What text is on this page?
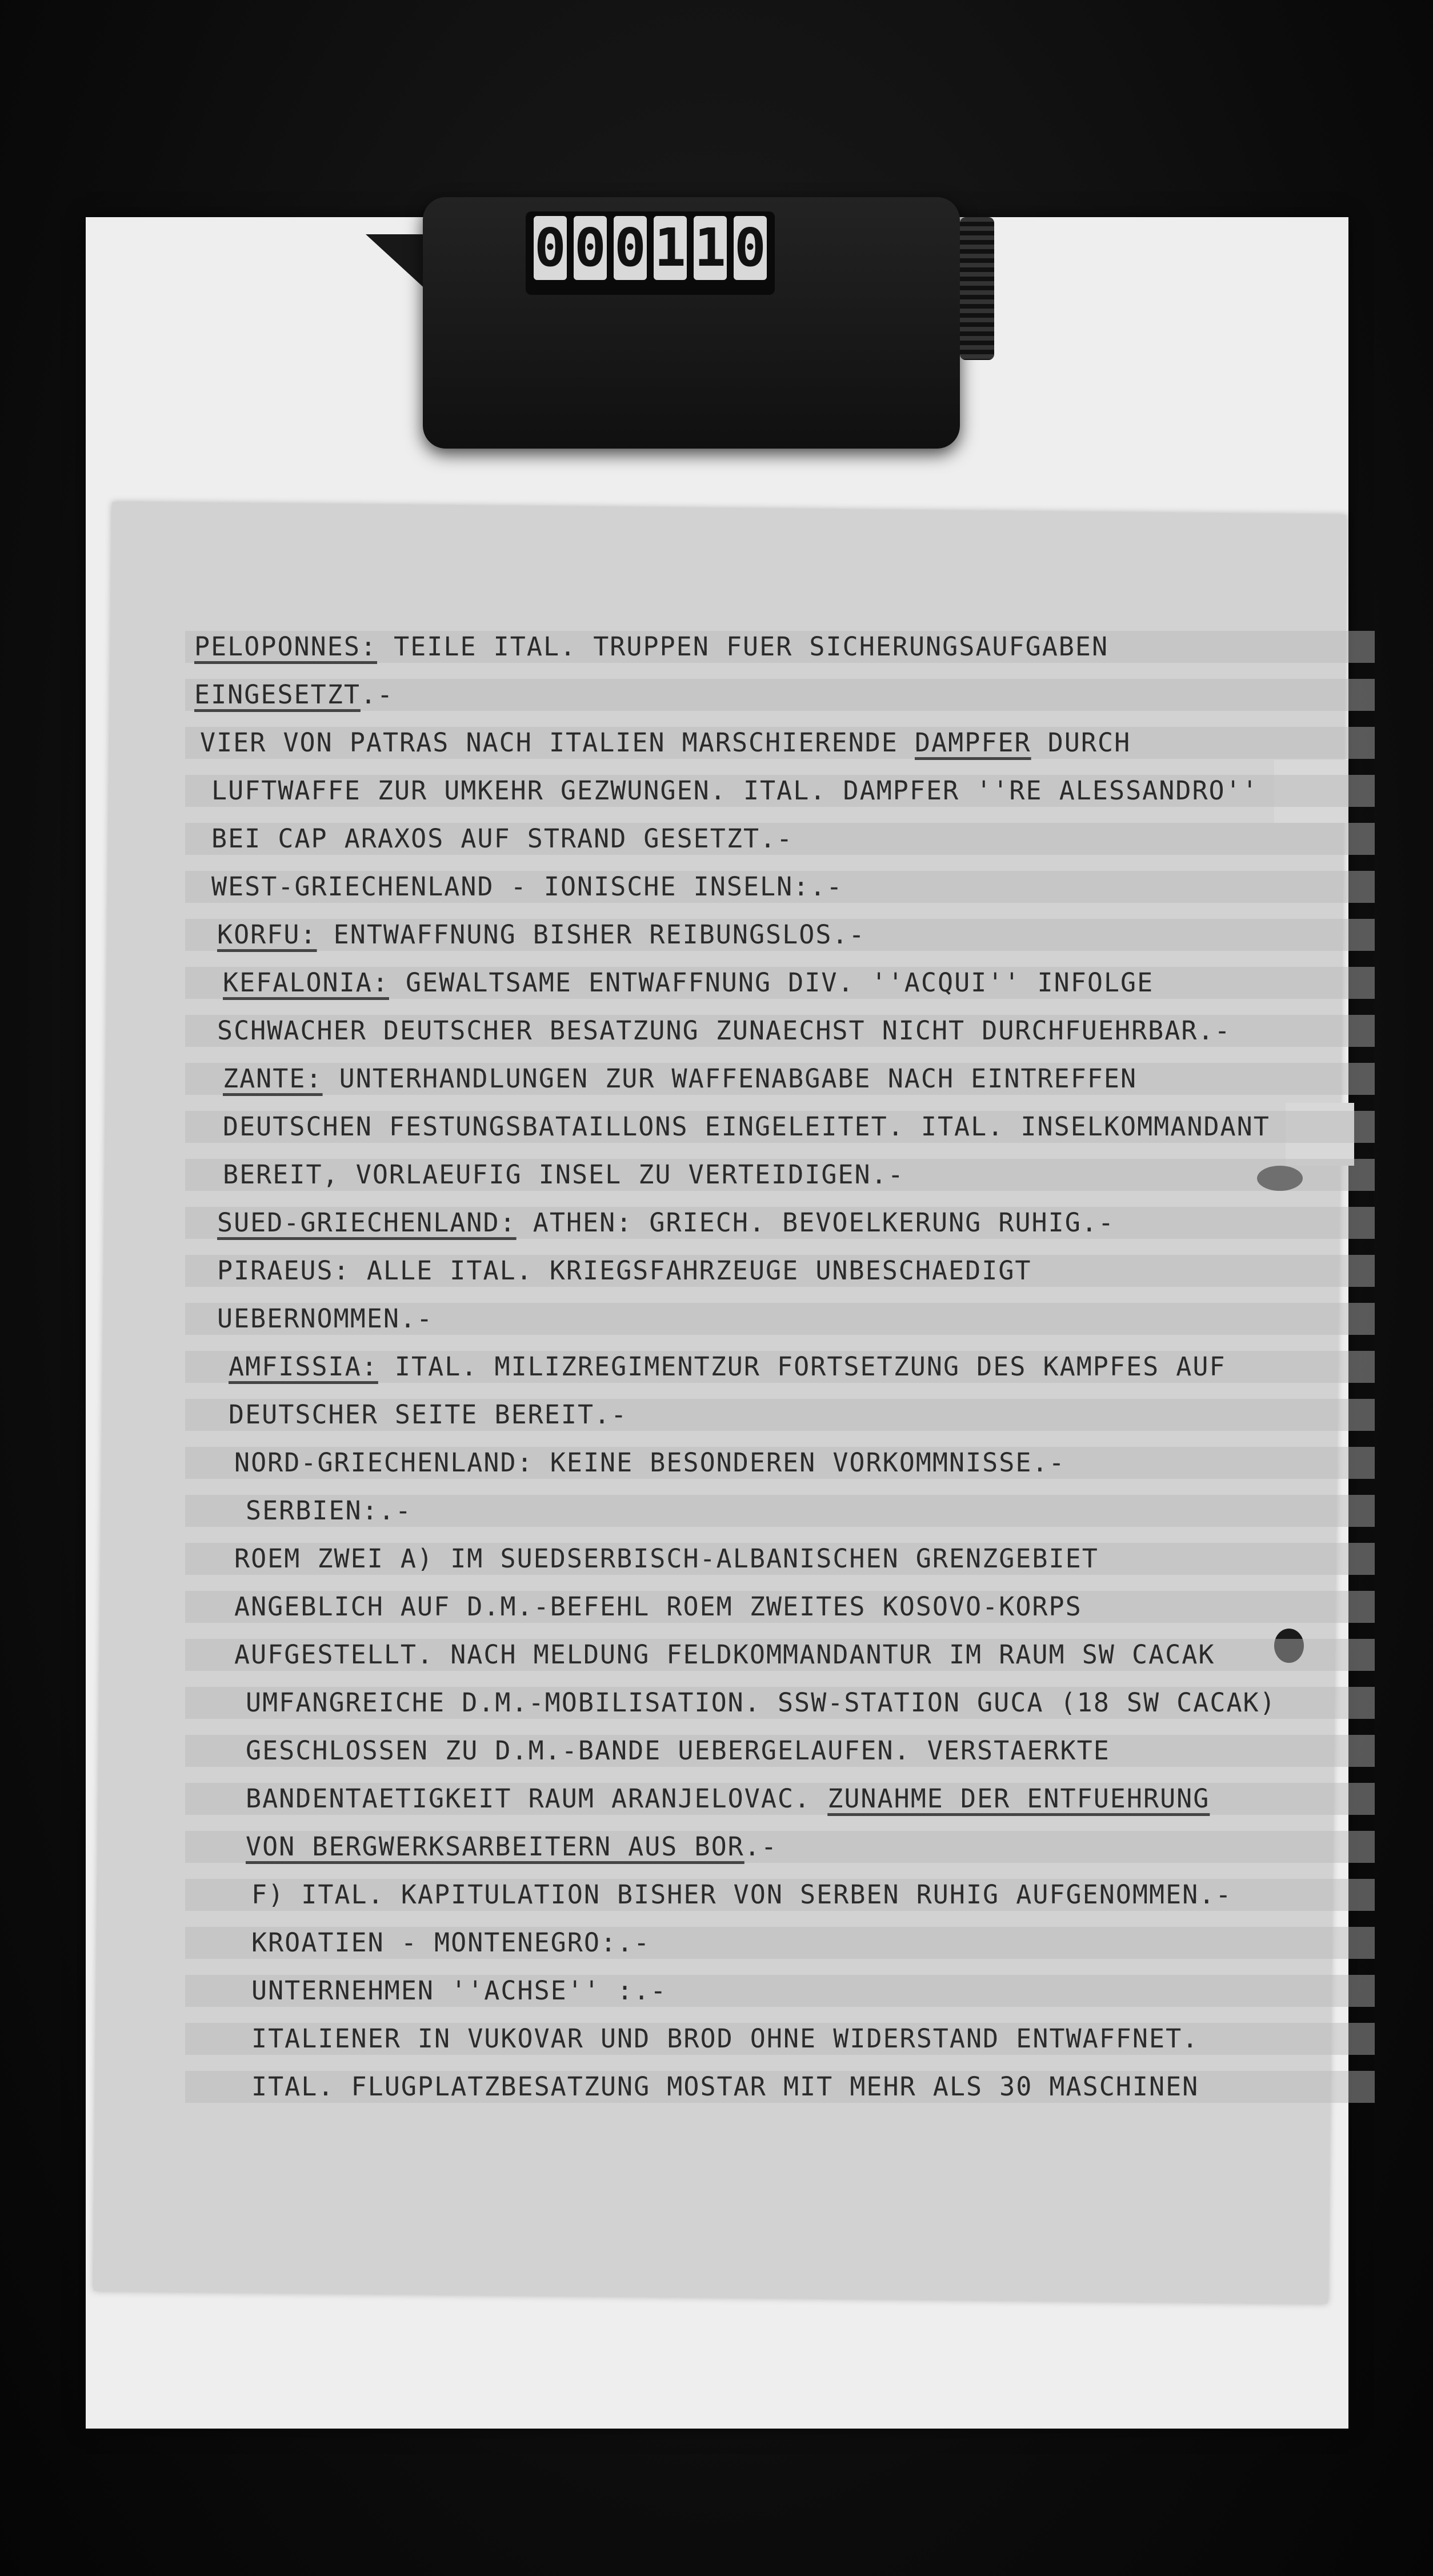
0 0 0 1 1 0
PELOPONNES: TEILE ITAL. TRUPPEN FUER SICHERUNGSAUFGABEN
EINGESETZT.-
VIER VON PATRAS NACH ITALIEN MARSCHIERENDE DAMPFER DURCH
LUFTWAFFE ZUR UMKEHR GEZWUNGEN. ITAL. DAMPFER ''RE ALESSANDRO''
BEI CAP ARAXOS AUF STRAND GESETZT.-
WEST-GRIECHENLAND - IONISCHE INSELN:.-
KORFU: ENTWAFFNUNG BISHER REIBUNGSLOS.-
KEFALONIA: GEWALTSAME ENTWAFFNUNG DIV. ''ACQUI'' INFOLGE
SCHWACHER DEUTSCHER BESATZUNG ZUNAECHST NICHT DURCHFUEHRBAR.-
ZANTE: UNTERHANDLUNGEN ZUR WAFFENABGABE NACH EINTREFFEN
DEUTSCHEN FESTUNGSBATAILLONS EINGELEITET. ITAL. INSELKOMMANDANT
BEREIT, VORLAEUFIG INSEL ZU VERTEIDIGEN.-
SUED-GRIECHENLAND: ATHEN: GRIECH. BEVOELKERUNG RUHIG.-
PIRAEUS: ALLE ITAL. KRIEGSFAHRZEUGE UNBESCHAEDIGT
UEBERNOMMEN.-
AMFISSIA: ITAL. MILIZREGIMENTZUR FORTSETZUNG DES KAMPFES AUF
DEUTSCHER SEITE BEREIT.-
NORD-GRIECHENLAND: KEINE BESONDEREN VORKOMMNISSE.-
SERBIEN:.-
ROEM ZWEI A) IM SUEDSERBISCH-ALBANISCHEN GRENZGEBIET
ANGEBLICH AUF D.M.-BEFEHL ROEM ZWEITES KOSOVO-KORPS
AUFGESTELLT. NACH MELDUNG FELDKOMMANDANTUR IM RAUM SW CACAK
UMFANGREICHE D.M.-MOBILISATION. SSW-STATION GUCA (18 SW CACAK)
GESCHLOSSEN ZU D.M.-BANDE UEBERGELAUFEN. VERSTAERKTE
BANDENTAETIGKEIT RAUM ARANJELOVAC. ZUNAHME DER ENTFUEHRUNG
VON BERGWERKSARBEITERN AUS BOR.-
F) ITAL. KAPITULATION BISHER VON SERBEN RUHIG AUFGENOMMEN.-
KROATIEN - MONTENEGRO:.-
UNTERNEHMEN ''ACHSE'' :.-
ITALIENER IN VUKOVAR UND BROD OHNE WIDERSTAND ENTWAFFNET.
ITAL. FLUGPLATZBESATZUNG MOSTAR MIT MEHR ALS 30 MASCHINEN
